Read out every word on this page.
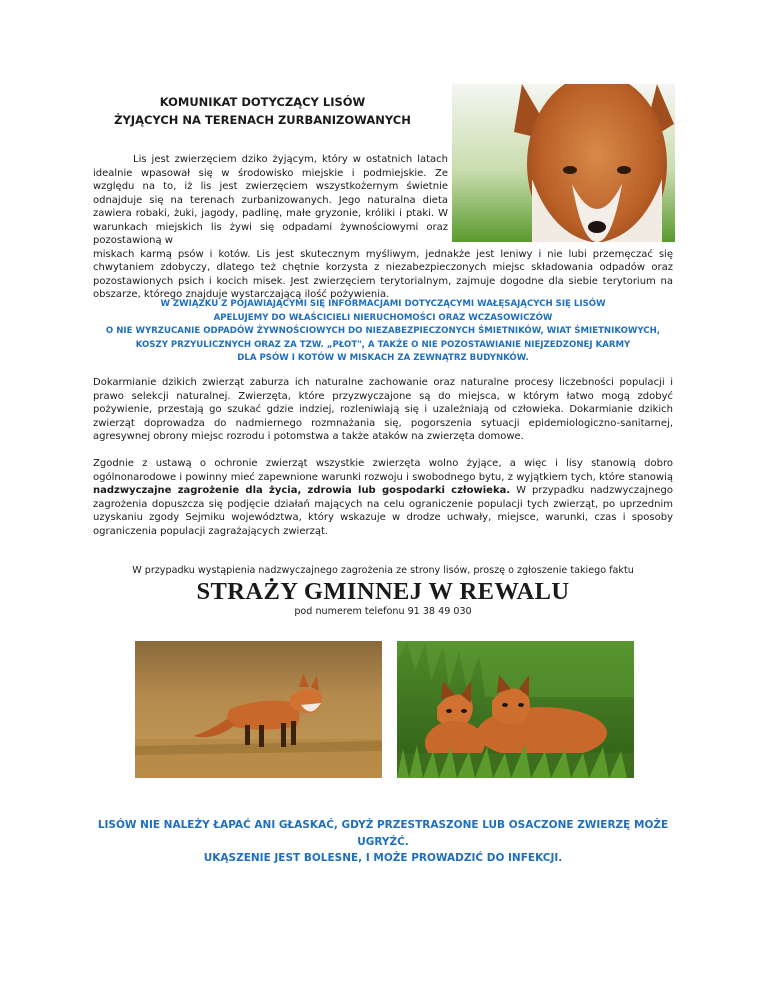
KOMUNIKAT DOTYCZĄCY LISÓW
ŻYJĄCYCH NA TERENACH ZURBANIZOWANYCH
Lis jest zwierzęciem dziko żyjącym, który w ostatnich latach idealnie wpasował się w środowisko miejskie i podmiejskie. Ze względu na to, iż lis jest zwierzęciem wszystkożernym świetnie odnajduje się na terenach zurbanizowanych. Jego naturalna dieta zawiera robaki, żuki, jagody, padlinę, małe gryzonie, króliki i ptaki. W warunkach miejskich lis żywi się odpadami żywnościowymi oraz pozostawioną w
miskach karmą psów i kotów. Lis jest skutecznym myśliwym, jednakże jest leniwy i nie lubi przemęczać się chwytaniem zdobyczy, dlatego też chętnie korzysta z niezabezpieczonych miejsc składowania odpadów oraz pozostawionych psich i kocich misek. Jest zwierzęciem terytorialnym, zajmuje dogodne dla siebie terytorium na obszarze, którego znajduje wystarczającą ilość pożywienia.
W ZWIĄZKU Z POJAWIAJĄCYMI SIĘ INFORMACJAMI DOTYCZĄCYMI WAŁĘSAJĄCYCH SIĘ LISÓW
APELUJEMY DO WŁAŚCICIELI NIERUCHOMOŚCI ORAZ WCZASOWICZÓW
O NIE WYRZUCANIE ODPADÓW ŻYWNOŚCIOWYCH DO NIEZABEZPIECZONYCH ŚMIETNIKÓW, WIAT ŚMIETNIKOWYCH,
KOSZY PRZYULICZNYCH ORAZ ZA TZW. „PŁOT", A TAKŻE O NIE POZOSTAWIANIE NIEJZEDZONEJ KARMY
DLA PSÓW I KOTÓW W MISKACH ZA ZEWNĄTRZ BUDYNKÓW.

Dokarmianie dzikich zwierząt zaburza ich naturalne zachowanie oraz naturalne procesy liczebności populacji i prawo selekcji naturalnej. Zwierzęta, które przyzwyczajone są do miejsca, w którym łatwo mogą zdobyć pożywienie, przestają go szukać gdzie indziej, rozleniwiają się i uzależniają od człowieka. Dokarmianie dzikich zwierząt doprowadza do nadmiernego rozmnażania się, pogorszenia sytuacji epidemiologiczno-sanitarnej, agresywnej obrony miejsc rozrodu i potomstwa a także ataków na zwierzęta domowe.

Zgodnie z ustawą o ochronie zwierząt wszystkie zwierzęta wolno żyjące, a więc i lisy stanowią dobro ogólnonarodowe i powinny mieć zapewnione warunki rozwoju i swobodnego bytu, z wyjątkiem tych, które stanowią nadzwyczajne zagrożenie dla życia, zdrowia lub gospodarki człowieka. W przypadku nadzwyczajnego zagrożenia dopuszcza się podjęcie działań mających na celu ograniczenie populacji tych zwierząt, po uprzednim uzyskaniu zgody Sejmiku województwa, który wskazuje w drodze uchwały, miejsce, warunki, czas i sposoby ograniczenia populacji zagrażających zwierząt.

W przypadku wystąpienia nadzwyczajnego zagrożenia ze strony lisów, proszę o zgłoszenie takiego faktu
STRAŻY GMINNEJ W REWALU
pod numerem telefonu 91 38 49 030
LISÓW NIE NALEŻY ŁAPAĆ ANI GŁASKAĆ, GDYŻ PRZESTRASZONE LUB OSACZONE ZWIERZĘ MOŻE UGRYŹĆ.
UKĄSZENIE JEST BOLESNE, I MOŻE PROWADZIĆ DO INFEKCJI.
